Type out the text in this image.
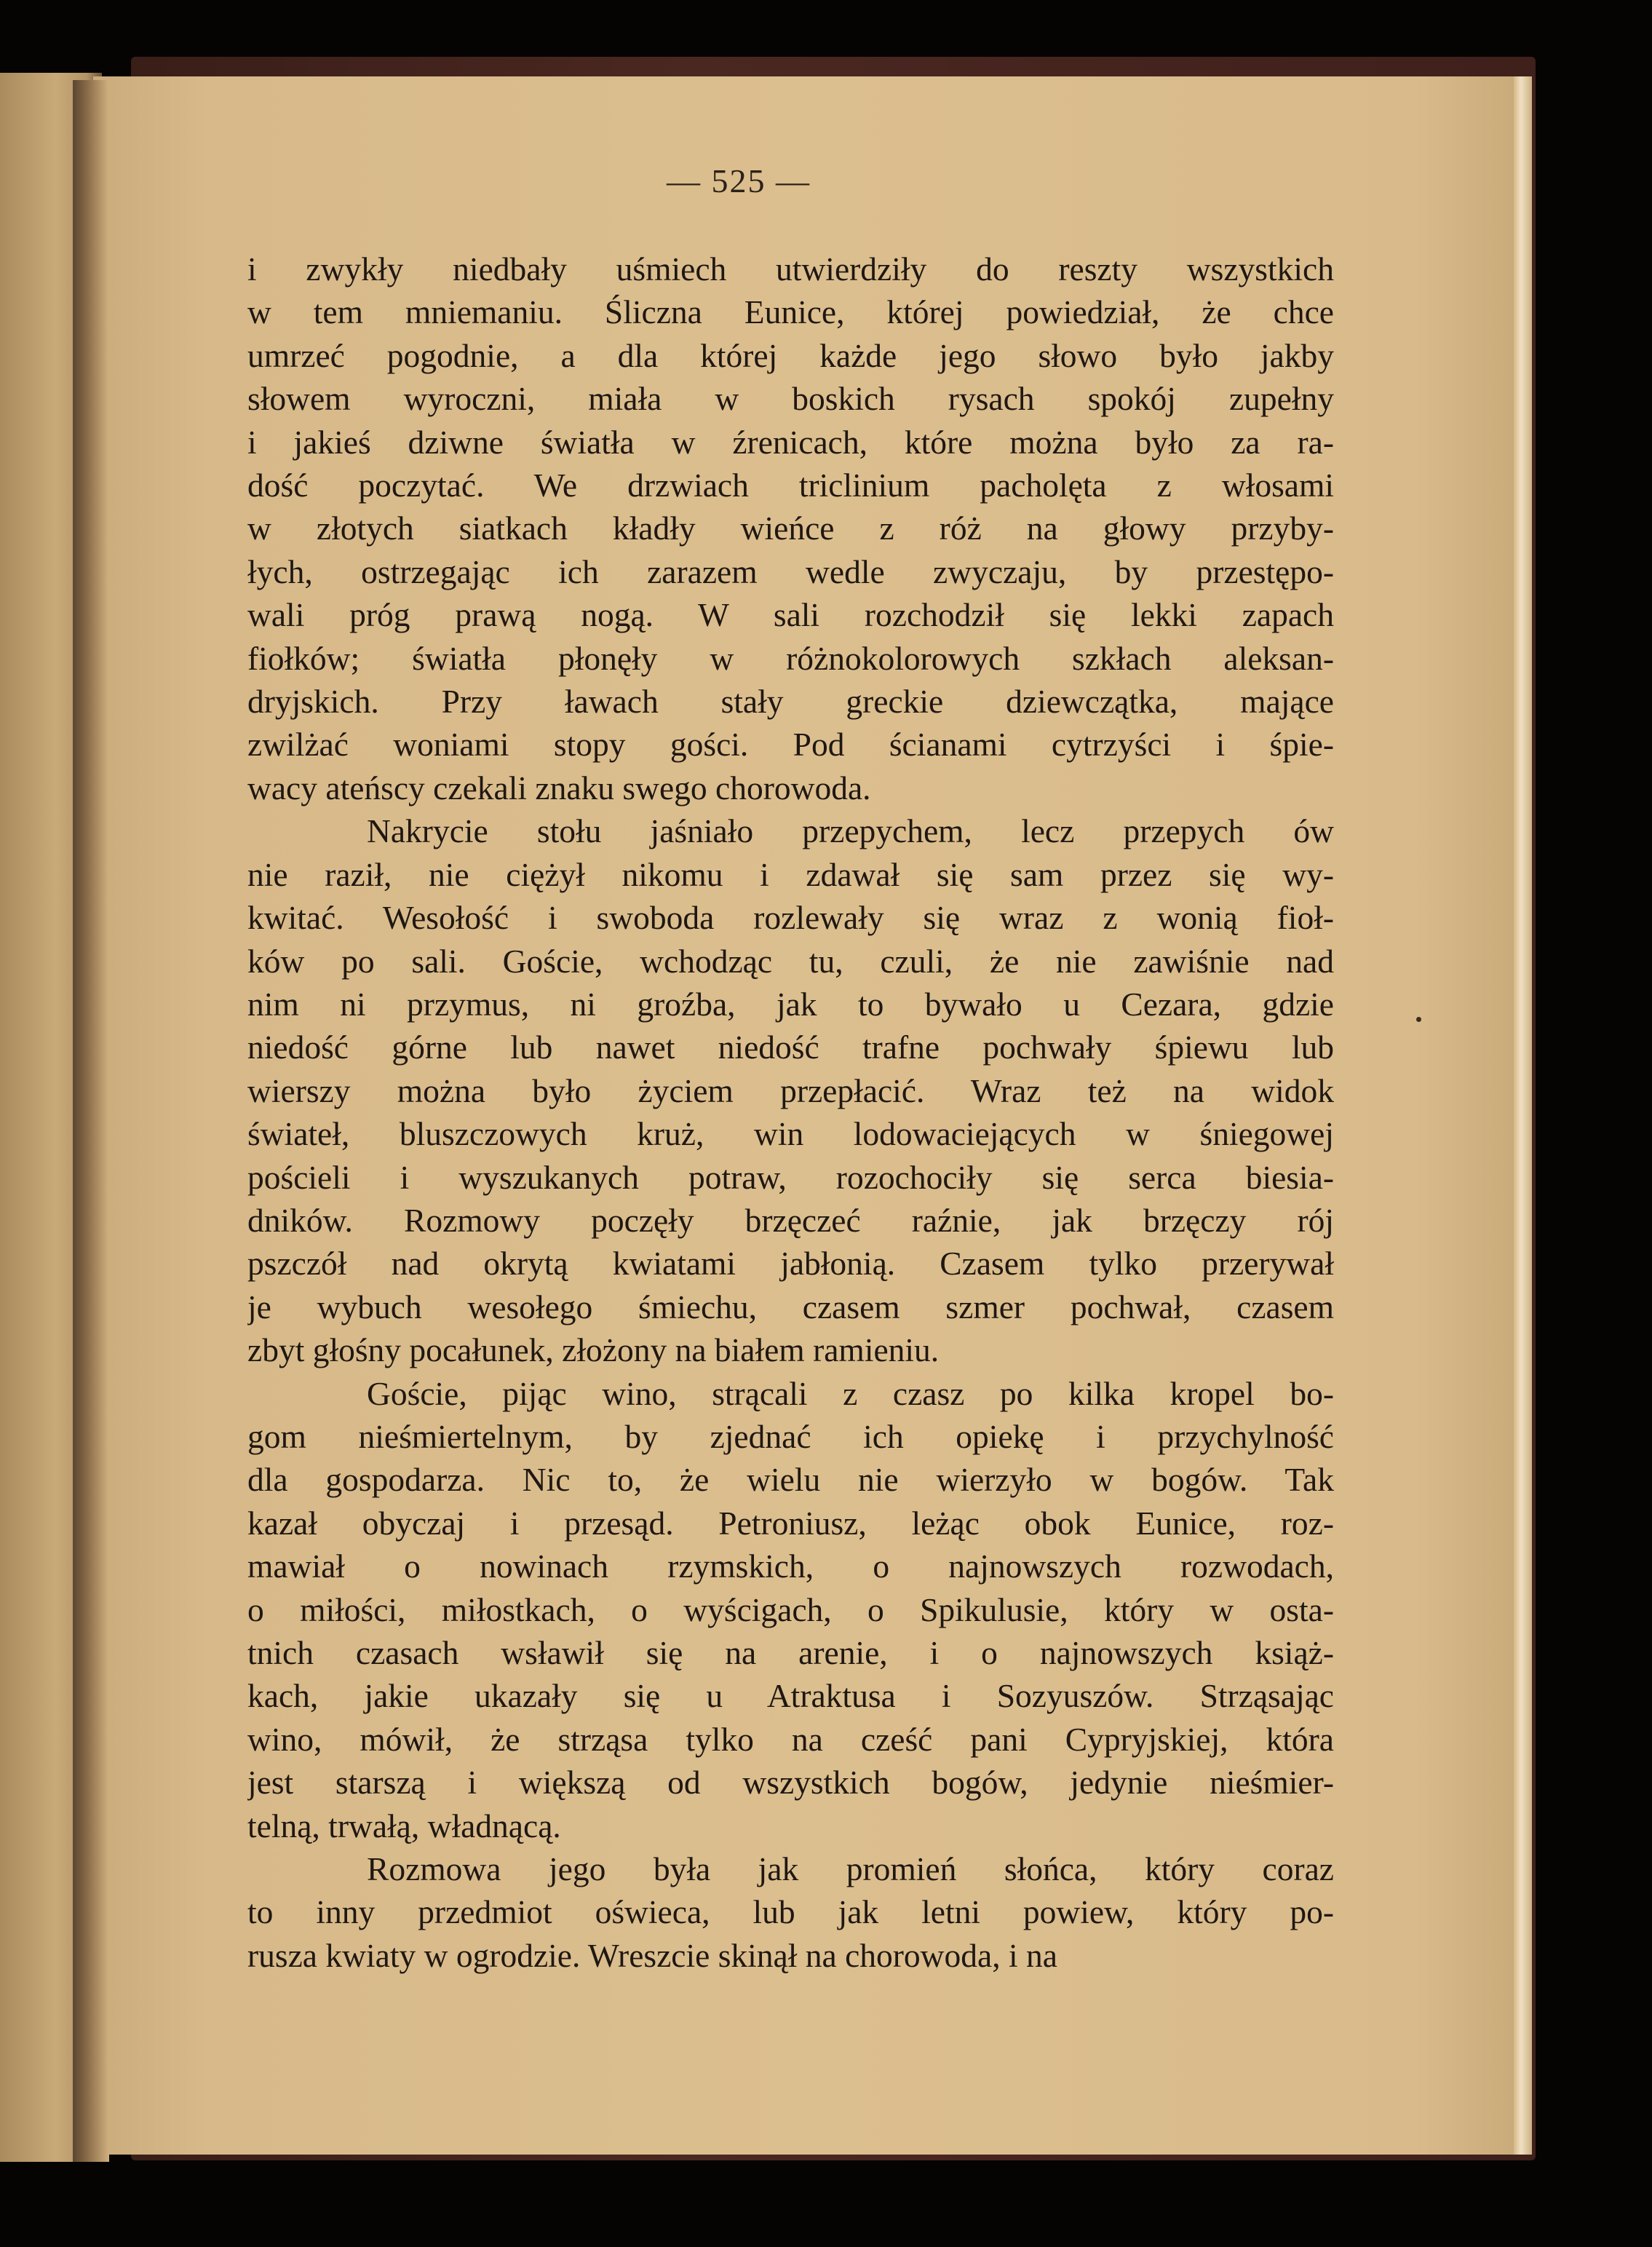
— 525 —
i zwykły niedbały uśmiech utwierdziły do reszty wszystkich
w tem mniemaniu. Śliczna Eunice, której powiedział, że chce
umrzeć pogodnie, a dla której każde jego słowo było jakby
słowem wyroczni, miała w boskich rysach spokój zupełny
i jakieś dziwne światła w źrenicach, które można było za ra-
dość poczytać. We drzwiach triclinium pacholęta z włosami
w złotych siatkach kładły wieńce z róż na głowy przyby-
łych, ostrzegając ich zarazem wedle zwyczaju, by przestępo-
wali próg prawą nogą. W sali rozchodził się lekki zapach
fiołków; światła płonęły w różnokolorowych szkłach aleksan-
dryjskich. Przy ławach stały greckie dziewczątka, mające
zwilżać woniami stopy gości. Pod ścianami cytrzyści i śpie-
wacy ateńscy czekali znaku swego chorowoda.
Nakrycie stołu jaśniało przepychem, lecz przepych ów
nie raził, nie ciężył nikomu i zdawał się sam przez się wy-
kwitać. Wesołość i swoboda rozlewały się wraz z wonią fioł-
ków po sali. Goście, wchodząc tu, czuli, że nie zawiśnie nad
nim ni przymus, ni groźba, jak to bywało u Cezara, gdzie
niedość górne lub nawet niedość trafne pochwały śpiewu lub
wierszy można było życiem przepłacić. Wraz też na widok
świateł, bluszczowych kruż, win lodowaciejących w śniegowej
pościeli i wyszukanych potraw, rozochociły się serca biesia-
dników. Rozmowy poczęły brzęczeć raźnie, jak brzęczy rój
pszczół nad okrytą kwiatami jabłonią. Czasem tylko przerywał
je wybuch wesołego śmiechu, czasem szmer pochwał, czasem
zbyt głośny pocałunek, złożony na białem ramieniu.
Goście, pijąc wino, strącali z czasz po kilka kropel bo-
gom nieśmiertelnym, by zjednać ich opiekę i przychylność
dla gospodarza. Nic to, że wielu nie wierzyło w bogów. Tak
kazał obyczaj i przesąd. Petroniusz, leżąc obok Eunice, roz-
mawiał o nowinach rzymskich, o najnowszych rozwodach,
o miłości, miłostkach, o wyścigach, o Spikulusie, który w osta-
tnich czasach wsławił się na arenie, i o najnowszych książ-
kach, jakie ukazały się u Atraktusa i Sozyuszów. Strząsając
wino, mówił, że strząsa tylko na cześć pani Cypryjskiej, która
jest starszą i większą od wszystkich bogów, jedynie nieśmier-
telną, trwałą, władnącą.
Rozmowa jego była jak promień słońca, który coraz
to inny przedmiot oświeca, lub jak letni powiew, który po-
rusza kwiaty w ogrodzie. Wreszcie skinął na chorowoda, i na
